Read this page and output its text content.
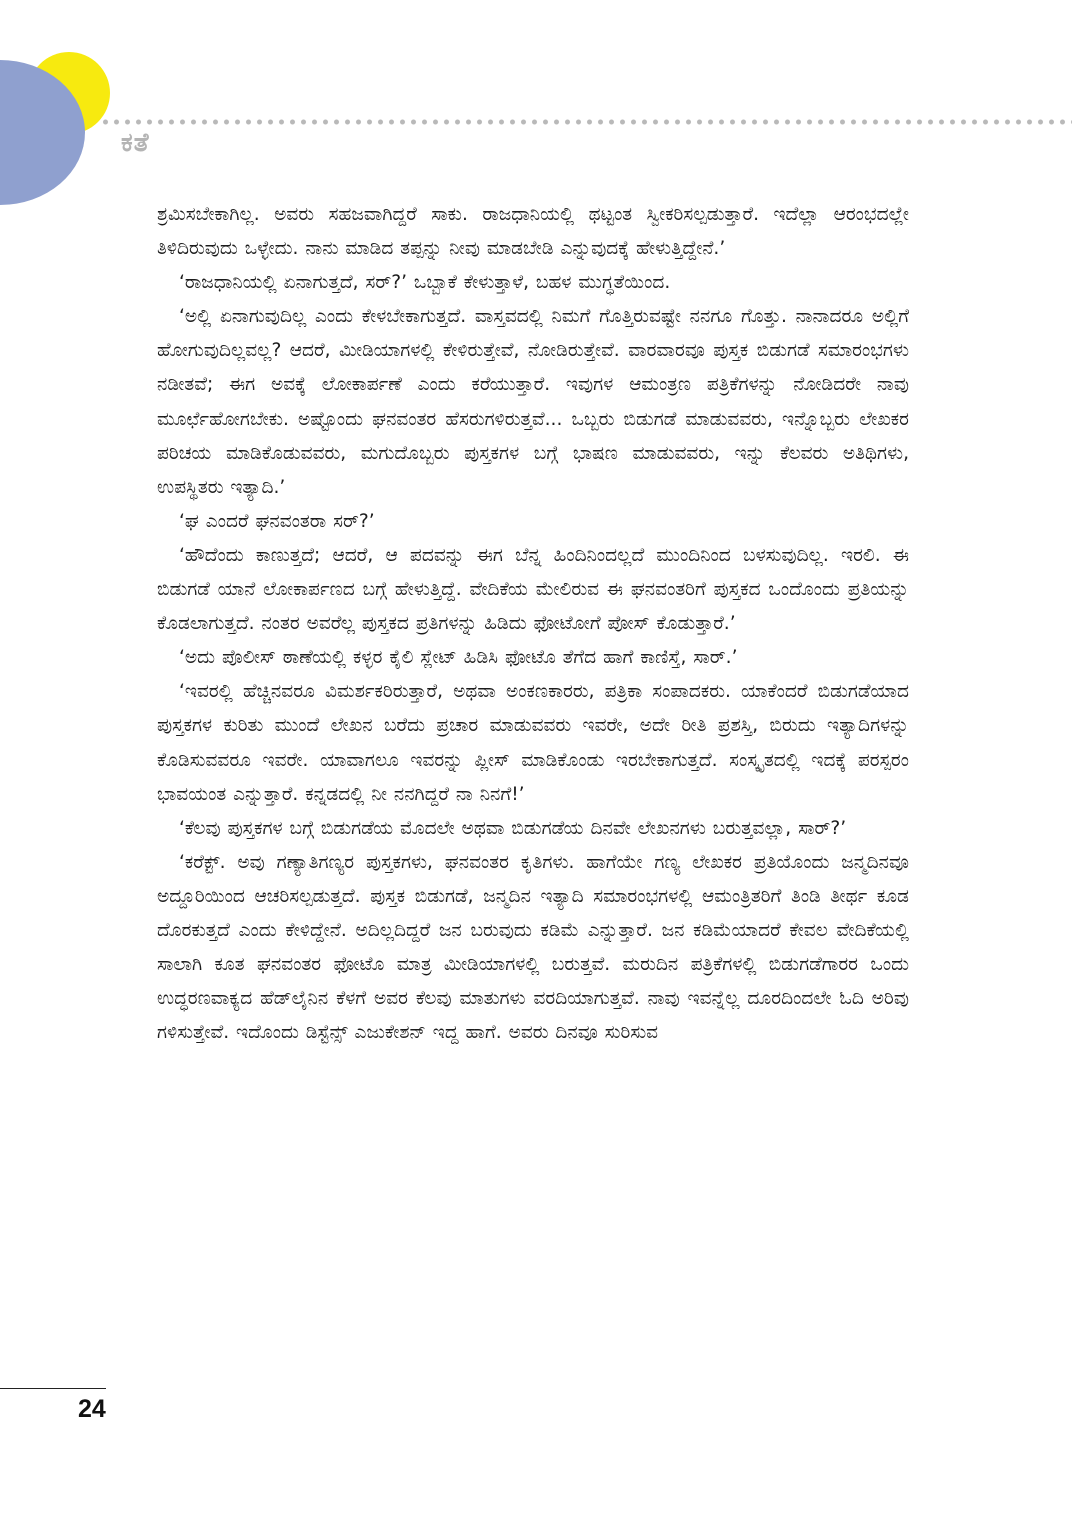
ಕತೆ

ಶ್ರಮಿಸಬೇಕಾಗಿಲ್ಲ. ಅವರು ಸಹಜವಾಗಿದ್ದರೆ ಸಾಕು. ರಾಜಧಾನಿಯಲ್ಲಿ ಥಟ್ಟಂತ ಸ್ವೀಕರಿಸಲ್ಪಡುತ್ತಾರೆ. ಇದೆಲ್ಲಾ ಆರಂಭದಲ್ಲೇ ತಿಳಿದಿರುವುದು ಒಳ್ಳೇದು. ನಾನು ಮಾಡಿದ ತಪ್ಪನ್ನು ನೀವು ಮಾಡಬೇಡಿ ಎನ್ನುವುದಕ್ಕೆ ಹೇಳುತ್ತಿದ್ದೇನೆ.’

‘ರಾಜಧಾನಿಯಲ್ಲಿ ಏನಾಗುತ್ತದೆ, ಸರ್?’ ಒಬ್ಬಾಕೆ ಕೇಳುತ್ತಾಳೆ, ಬಹಳ ಮುಗ್ಧತೆಯಿಂದ.

‘ಅಲ್ಲಿ ಏನಾಗುವುದಿಲ್ಲ ಎಂದು ಕೇಳಬೇಕಾಗುತ್ತದೆ. ವಾಸ್ತವದಲ್ಲಿ ನಿಮಗೆ ಗೊತ್ತಿರುವಷ್ಟೇ ನನಗೂ ಗೊತ್ತು. ನಾನಾದರೂ ಅಲ್ಲಿಗೆ ಹೋಗುವುದಿಲ್ಲವಲ್ಲ? ಆದರೆ, ಮೀಡಿಯಾಗಳಲ್ಲಿ ಕೇಳಿರುತ್ತೇವೆ, ನೋಡಿರುತ್ತೇವೆ. ವಾರವಾರವೂ ಪುಸ್ತಕ ಬಿಡುಗಡೆ ಸಮಾರಂಭಗಳು ನಡೀತವೆ; ಈಗ ಅವಕ್ಕೆ ಲೋಕಾರ್ಪಣೆ ಎಂದು ಕರೆಯುತ್ತಾರೆ. ಇವುಗಳ ಆಮಂತ್ರಣ ಪತ್ರಿಕೆಗಳನ್ನು ನೋಡಿದರೇ ನಾವು ಮೂರ್ಛೆಹೋಗಬೇಕು. ಅಷ್ಟೊಂದು ಘನವಂತರ ಹೆಸರುಗಳಿರುತ್ತವೆ... ಒಬ್ಬರು ಬಿಡುಗಡೆ ಮಾಡುವವರು, ಇನ್ನೊಬ್ಬರು ಲೇಖಕರ ಪರಿಚಯ ಮಾಡಿಕೊಡುವವರು, ಮಗುದೊಬ್ಬರು ಪುಸ್ತಕಗಳ ಬಗ್ಗೆ ಭಾಷಣ ಮಾಡುವವರು, ಇನ್ನು ಕೆಲವರು ಅತಿಥಿಗಳು, ಉಪಸ್ಥಿತರು ಇತ್ಯಾದಿ.’

‘ಘ ಎಂದರೆ ಘನವಂತರಾ ಸರ್?’

‘ಹೌದೆಂದು ಕಾಣುತ್ತದೆ; ಆದರೆ, ಆ ಪದವನ್ನು ಈಗ ಬೆನ್ನ ಹಿಂದಿನಿಂದಲ್ಲದೆ ಮುಂದಿನಿಂದ ಬಳಸುವುದಿಲ್ಲ. ಇರಲಿ. ಈ ಬಿಡುಗಡೆ ಯಾನೆ ಲೋಕಾರ್ಪಣದ ಬಗ್ಗೆ ಹೇಳುತ್ತಿದ್ದೆ. ವೇದಿಕೆಯ ಮೇಲಿರುವ ಈ ಘನವಂತರಿಗೆ ಪುಸ್ತಕದ ಒಂದೊಂದು ಪ್ರತಿಯನ್ನು ಕೊಡಲಾಗುತ್ತದೆ. ನಂತರ ಅವರೆಲ್ಲ ಪುಸ್ತಕದ ಪ್ರತಿಗಳನ್ನು ಹಿಡಿದು ಫೋಟೋಗೆ ಪೋಸ್ ಕೊಡುತ್ತಾರೆ.’

‘ಅದು ಪೊಲೀಸ್ ಠಾಣೆಯಲ್ಲಿ ಕಳ್ಳರ ಕೈಲಿ ಸ್ಲೇಟ್ ಹಿಡಿಸಿ ಫೋಟೊ ತೆಗೆದ ಹಾಗೆ ಕಾಣಿಸ್ತೆ, ಸಾರ್.’

‘ಇವರಲ್ಲಿ ಹೆಚ್ಚಿನವರೂ ವಿಮರ್ಶಕರಿರುತ್ತಾರೆ, ಅಥವಾ ಅಂಕಣಕಾರರು, ಪತ್ರಿಕಾ ಸಂಪಾದಕರು. ಯಾಕೆಂದರೆ ಬಿಡುಗಡೆಯಾದ ಪುಸ್ತಕಗಳ ಕುರಿತು ಮುಂದೆ ಲೇಖನ ಬರೆದು ಪ್ರಚಾರ ಮಾಡುವವರು ಇವರೇ, ಅದೇ ರೀತಿ ಪ್ರಶಸ್ತಿ, ಬಿರುದು ಇತ್ಯಾದಿಗಳನ್ನು ಕೊಡಿಸುವವರೂ ಇವರೇ. ಯಾವಾಗಲೂ ಇವರನ್ನು ಪ್ಲೀಸ್ ಮಾಡಿಕೊಂಡು ಇರಬೇಕಾಗುತ್ತದೆ. ಸಂಸ್ಕೃತದಲ್ಲಿ ಇದಕ್ಕೆ ಪರಸ್ಪರಂ ಭಾವಯಂತ ಎನ್ನುತ್ತಾರೆ. ಕನ್ನಡದಲ್ಲಿ ನೀ ನನಗಿದ್ದರೆ ನಾ ನಿನಗೆ!’

‘ಕೆಲವು ಪುಸ್ತಕಗಳ ಬಗ್ಗೆ ಬಿಡುಗಡೆಯ ಮೊದಲೇ ಅಥವಾ ಬಿಡುಗಡೆಯ ದಿನವೇ ಲೇಖನಗಳು ಬರುತ್ತವಲ್ಲಾ, ಸಾರ್?’

‘ಕರೆಕ್ಟ್. ಅವು ಗಣ್ಯಾತಿಗಣ್ಯರ ಪುಸ್ತಕಗಳು, ಘನವಂತರ ಕೃತಿಗಳು. ಹಾಗೆಯೇ ಗಣ್ಯ ಲೇಖಕರ ಪ್ರತಿಯೊಂದು ಜನ್ಮದಿನವೂ ಅದ್ದೂರಿಯಿಂದ ಆಚರಿಸಲ್ಪಡುತ್ತದೆ. ಪುಸ್ತಕ ಬಿಡುಗಡೆ, ಜನ್ಮದಿನ ಇತ್ಯಾದಿ ಸಮಾರಂಭಗಳಲ್ಲಿ ಆಮಂತ್ರಿತರಿಗೆ ತಿಂಡಿ ತೀರ್ಥ ಕೂಡ ದೊರಕುತ್ತದೆ ಎಂದು ಕೇಳಿದ್ದೇನೆ. ಅದಿಲ್ಲದಿದ್ದರೆ ಜನ ಬರುವುದು ಕಡಿಮೆ ಎನ್ನುತ್ತಾರೆ. ಜನ ಕಡಿಮೆಯಾದರೆ ಕೇವಲ ವೇದಿಕೆಯಲ್ಲಿ ಸಾಲಾಗಿ ಕೂತ ಘನವಂತರ ಫೋಟೊ ಮಾತ್ರ ಮೀಡಿಯಾಗಳಲ್ಲಿ ಬರುತ್ತವೆ. ಮರುದಿನ ಪತ್ರಿಕೆಗಳಲ್ಲಿ ಬಿಡುಗಡೆಗಾರರ ಒಂದು ಉದ್ಧರಣವಾಕ್ಯದ ಹೆಡ್‌ಲೈನಿನ ಕೆಳಗೆ ಅವರ ಕೆಲವು ಮಾತುಗಳು ವರದಿಯಾಗುತ್ತವೆ. ನಾವು ಇವನ್ನೆಲ್ಲ ದೂರದಿಂದಲೇ ಓದಿ ಅರಿವು ಗಳಿಸುತ್ತೇವೆ. ಇದೊಂದು ಡಿಸ್ಟೆನ್ಸ್ ಎಜುಕೇಶನ್ ಇದ್ದ ಹಾಗೆ. ಅವರು ದಿನವೂ ಸುರಿಸುವ

24
